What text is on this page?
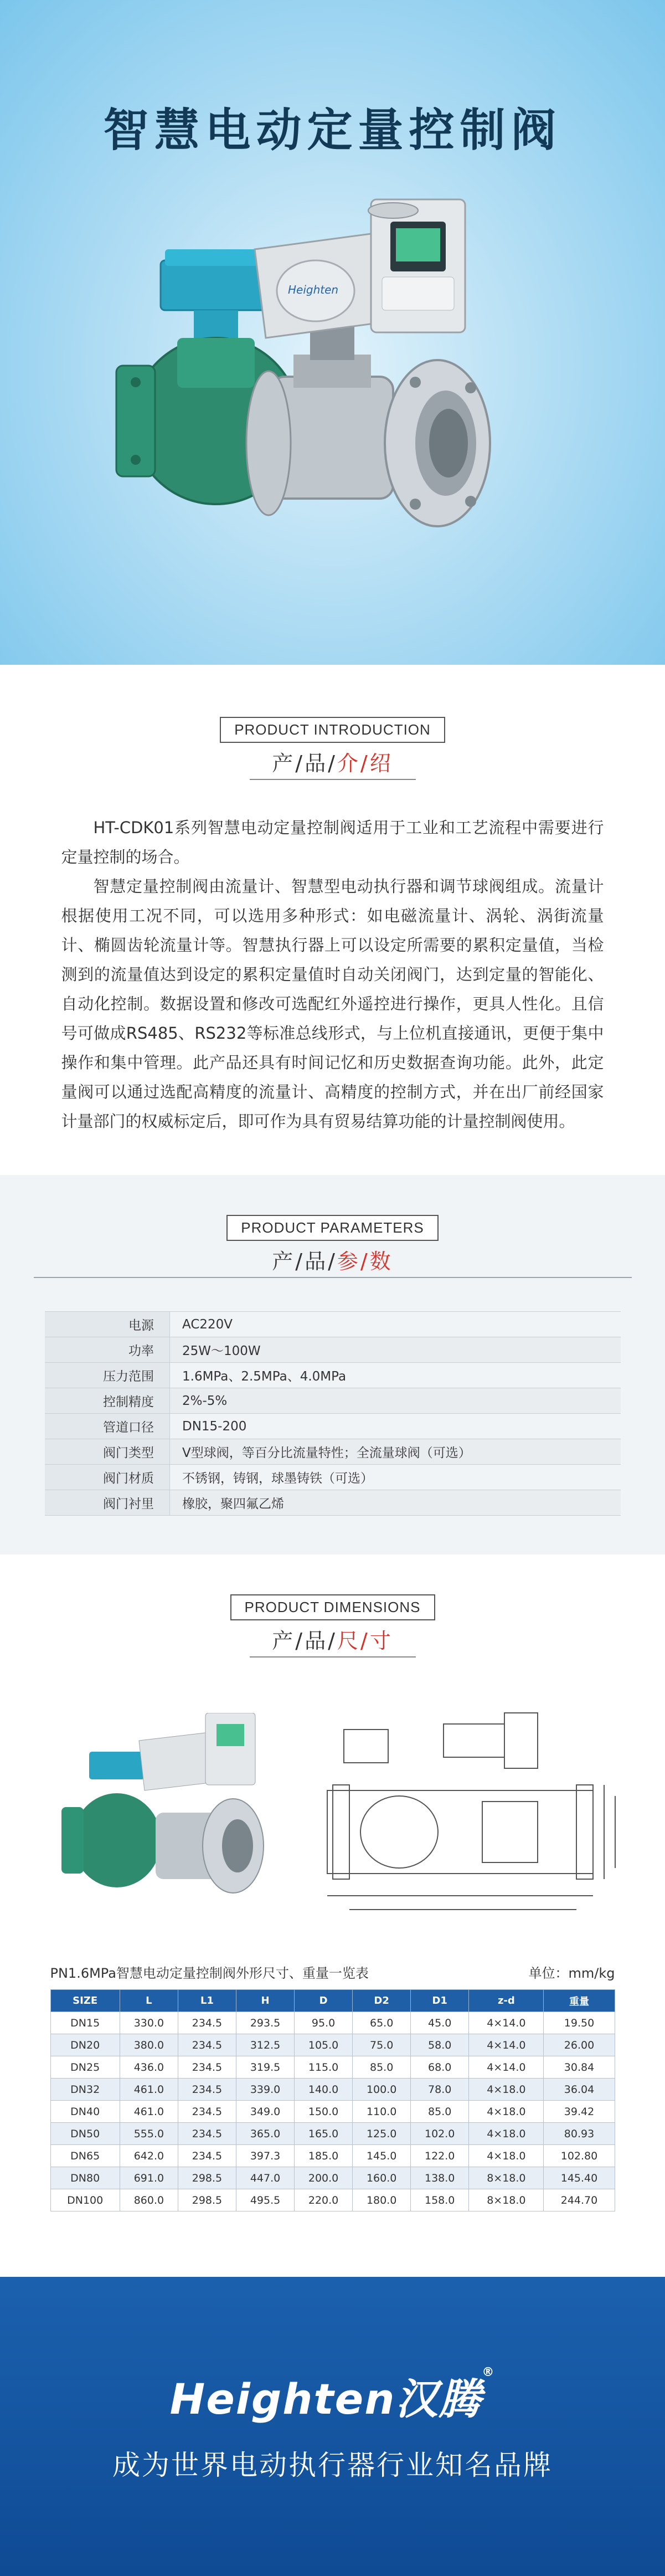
智慧电动定量控制阀
Heighten
PRODUCT INTRODUCTION
产/品/介/绍

HT-CDK01系列智慧电动定量控制阀适用于工业和工艺流程中需要进行定量控制的场合。

智慧定量控制阀由流量计、智慧型电动执行器和调节球阀组成。流量计根据使用工况不同，可以选用多种形式：如电磁流量计、涡轮、涡街流量计、椭圆齿轮流量计等。智慧执行器上可以设定所需要的累积定量值，当检测到的流量值达到设定的累积定量值时自动关闭阀门，达到定量的智能化、自动化控制。数据设置和修改可选配红外遥控进行操作，更具人性化。且信号可做成RS485、RS232等标准总线形式，与上位机直接通讯，更便于集中操作和集中管理。此产品还具有时间记忆和历史数据查询功能。此外，此定量阀可以通过选配高精度的流量计、高精度的控制方式，并在出厂前经国家计量部门的权威标定后，即可作为具有贸易结算功能的计量控制阀使用。

PRODUCT PARAMETERS
产/品/参/数
电源	AC220V
功率	25W～100W
压力范围	1.6MPa、2.5MPa、4.0MPa
控制精度	2%-5%
管道口径	DN15-200
阀门类型	V型球阀，等百分比流量特性；全流量球阀（可选）
阀门材质	不锈钢，铸钢，球墨铸铁（可选）
阀门衬里	橡胶，聚四氟乙烯
PRODUCT DIMENSIONS
产/品/尺/寸
PN1.6MPa智慧电动定量控制阀外形尺寸、重量一览表	单位：mm/kg
SIZE	L	L1	H	D	D2	D1	z-d	重量
DN15	330.0	234.5	293.5	95.0	65.0	45.0	4×14.0	19.50
DN20	380.0	234.5	312.5	105.0	75.0	58.0	4×14.0	26.00
DN25	436.0	234.5	319.5	115.0	85.0	68.0	4×14.0	30.84
DN32	461.0	234.5	339.0	140.0	100.0	78.0	4×18.0	36.04
DN40	461.0	234.5	349.0	150.0	110.0	85.0	4×18.0	39.42
DN50	555.0	234.5	365.0	165.0	125.0	102.0	4×18.0	80.93
DN65	642.0	234.5	397.3	185.0	145.0	122.0	4×18.0	102.80
DN80	691.0	298.5	447.0	200.0	160.0	138.0	8×18.0	145.40
DN100	860.0	298.5	495.5	220.0	180.0	158.0	8×18.0	244.70
Heighten汉腾®
成为世界电动执行器行业知名品牌
